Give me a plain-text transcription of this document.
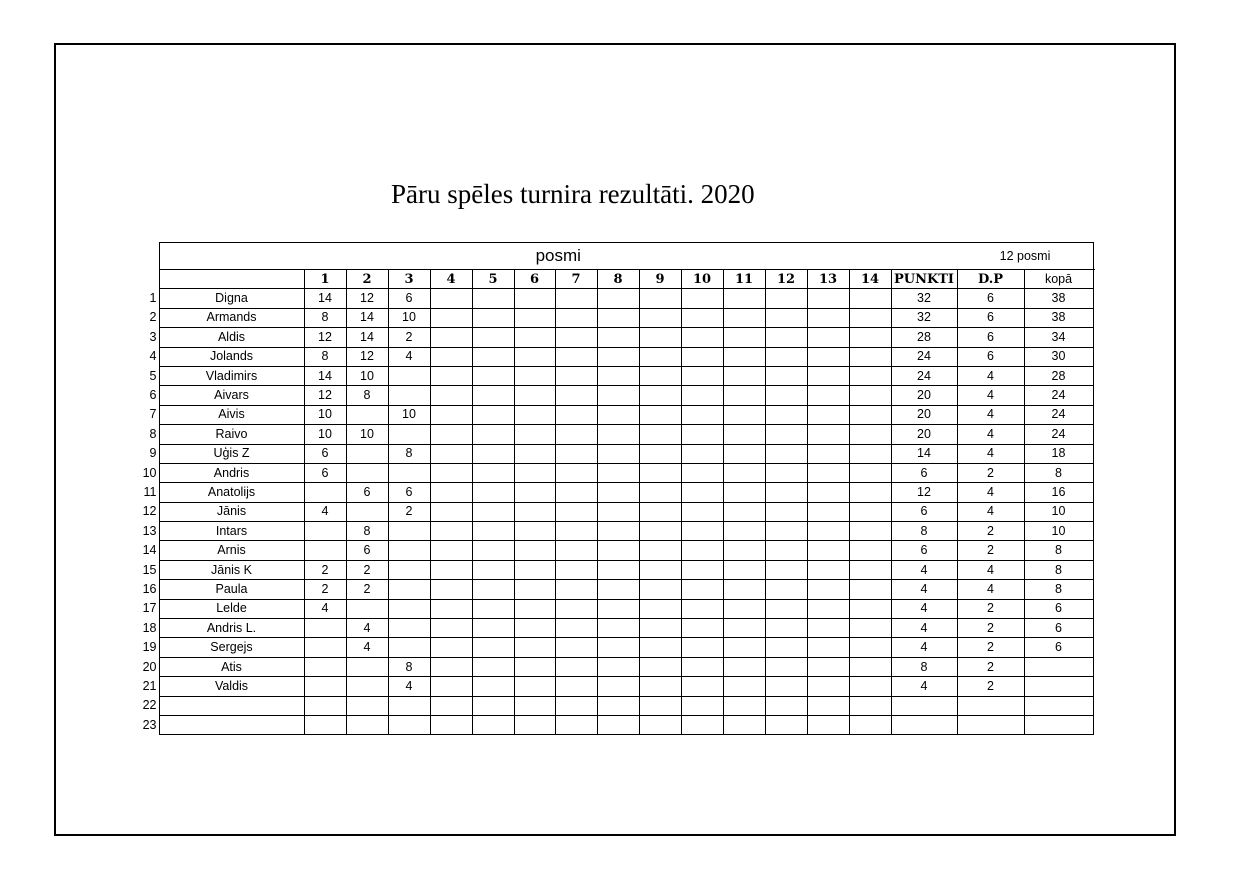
Pāru spēles turnira rezultāti. 2020
	posmi																12 posmi		
		1	2	3	4	5	6	7	8	9	10	11	12	13	14	PUNKTI	D.P	kopā	
1	Digna	14	12	6												32	6	38	
2	Armands	8	14	10												32	6	38	
3	Aldis	12	14	2												28	6	34	
4	Jolands	8	12	4												24	6	30	
5	Vladimirs	14	10													24	4	28	
6	Aivars	12	8													20	4	24	
7	Aivis	10		10												20	4	24	
8	Raivo	10	10													20	4	24	
9	Uģis Z	6		8												14	4	18	
10	Andris	6														6	2	8	
11	Anatolijs		6	6												12	4	16	
12	Jānis	4		2												6	4	10	
13	Intars		8													8	2	10	
14	Arnis		6													6	2	8	
15	Jānis K	2	2													4	4	8	
16	Paula	2	2													4	4	8	
17	Lelde	4														4	2	6	
18	Andris L.		4													4	2	6	
19	Sergejs		4													4	2	6	
20	Atis			8												8	2		
21	Valdis			4												4	2		
22																			
23																			
